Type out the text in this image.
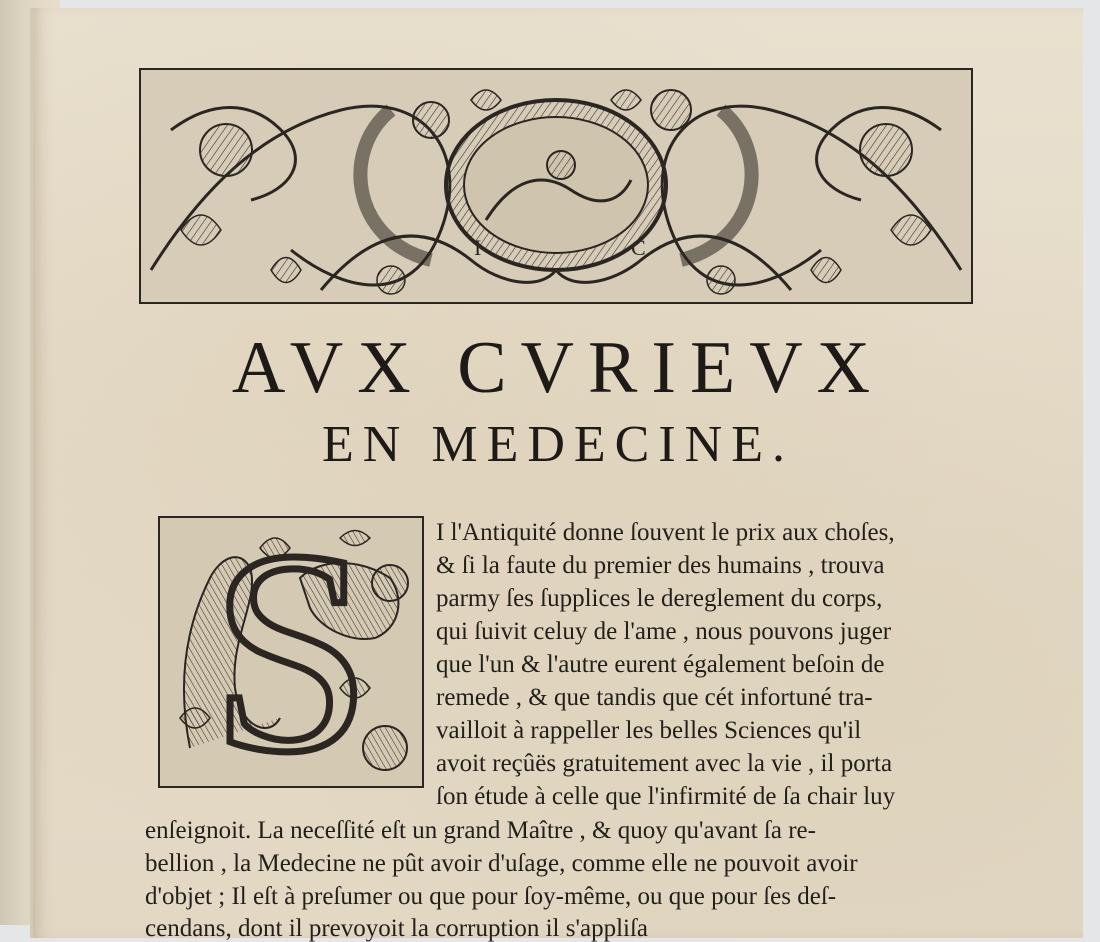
I	C
AVX CVRIEVX
EN MEDECINE.
I l'Antiquité donne ſouvent le prix aux choſes,
& ſi la faute du premier des humains , trouva
parmy ſes ſupplices le dereglement du corps,
qui ſuivit celuy de l'ame , nous pouvons juger
que l'un & l'autre eurent également beſoin de
remede , & que tandis que cét infortuné tra-
vailloit à rappeller les belles Sciences qu'il
avoit reçûës gratuitement avec la vie , il porta
ſon étude à celle que l'infirmité de ſa chair luy
enſeignoit. La neceſſité eſt un grand Maître , & quoy qu'avant ſa re-
bellion , la Medecine ne pût avoir d'uſage, comme elle ne pouvoit avoir
d'objet ; Il eſt à preſumer ou que pour ſoy-même, ou que pour ſes deſ-
cendans, dont il prevoyoit la corruption il s'appliſa
